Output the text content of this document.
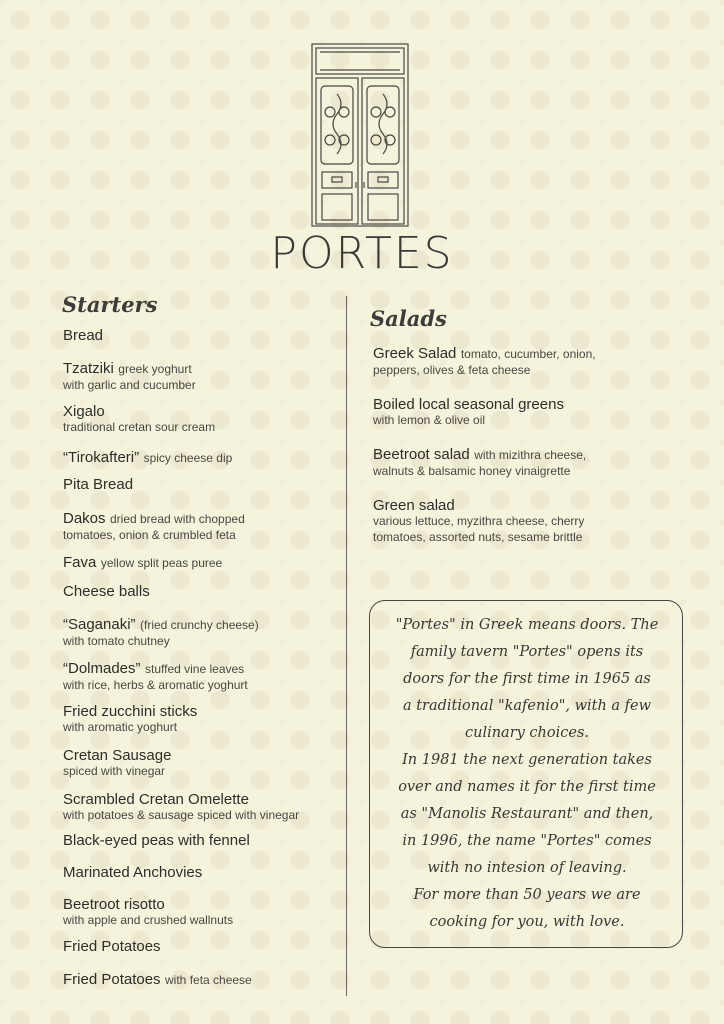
PORTES
Starters
Bread
Tzatziki greek yoghurt
with garlic and cucumber
Xigalo
traditional cretan sour cream
“Tirokafteri” spicy cheese dip
Pita Bread
Dakos dried bread with chopped
tomatoes, onion & crumbled feta
Fava yellow split peas puree
Cheese balls
“Saganaki” (fried crunchy cheese)
with tomato chutney
“Dolmades” stuffed vine leaves
with rice, herbs & aromatic yoghurt
Fried zucchini sticks
with aromatic yoghurt
Cretan Sausage
spiced with vinegar
Scrambled Cretan Omelette
with potatoes & sausage spiced with vinegar
Black-eyed peas with fennel
Marinated Anchovies
Beetroot risotto
with apple and crushed wallnuts
Fried Potatoes
Fried Potatoes with feta cheese
Salads
Greek Salad tomato, cucumber, onion,
peppers, olives & feta cheese
Boiled local seasonal greens
with lemon & olive oil
Beetroot salad with mizithra cheese,
walnuts & balsamic honey vinaigrette
Green salad
various lettuce, myzithra cheese, cherry
tomatoes, assorted nuts, sesame brittle
"Portes" in Greek means doors. The
family tavern "Portes" opens its
doors for the first time in 1965 as
a traditional "kafenio", with a few
culinary choices.
In 1981 the next generation takes
over and names it for the first time
as "Manolis Restaurant" and then,
in 1996, the name "Portes" comes
with no intesion of leaving.
For more than 50 years we are
cooking for you, with love.
